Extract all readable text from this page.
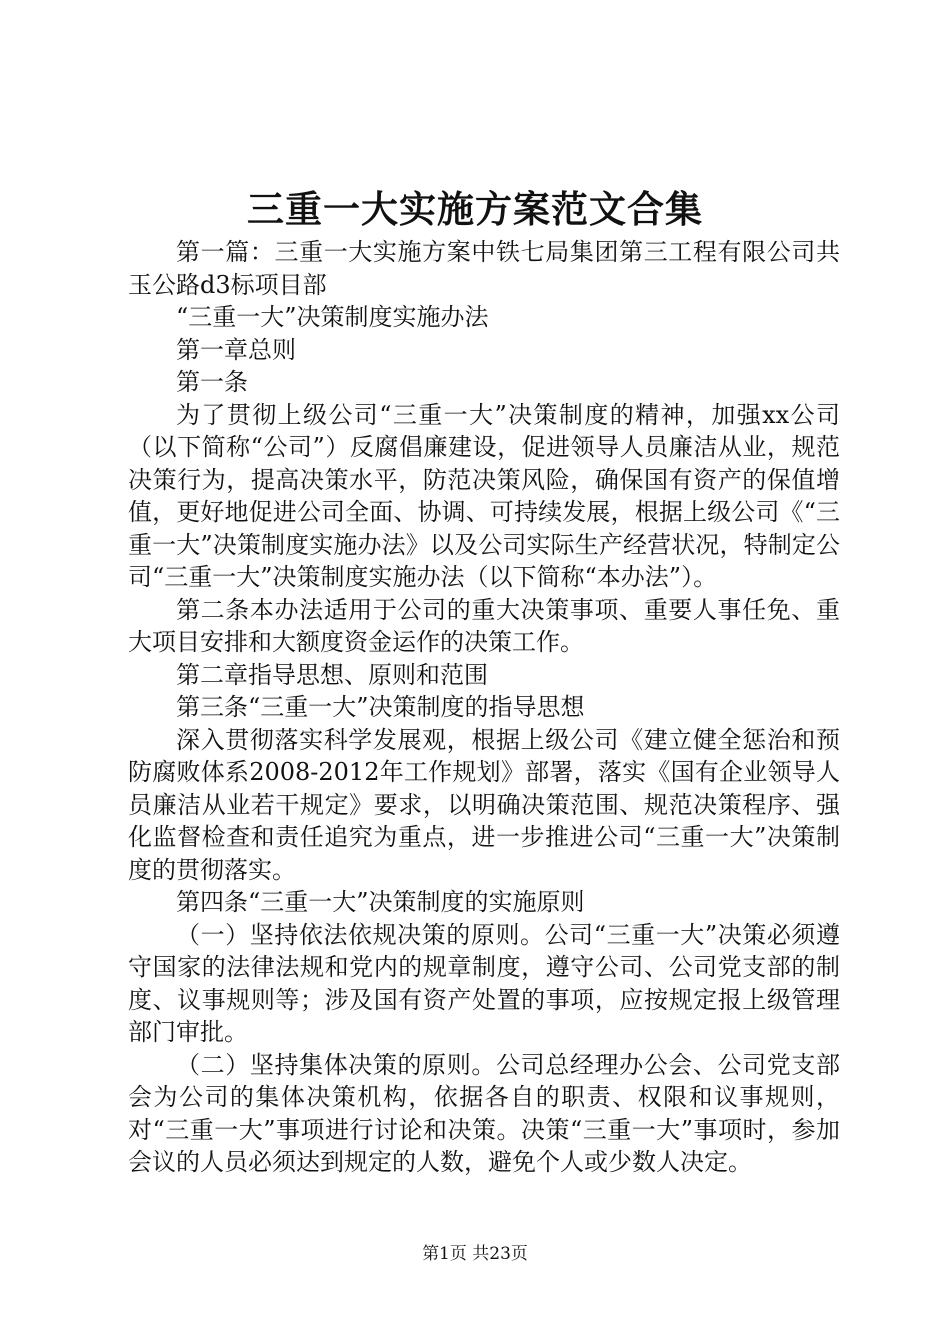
三重一大实施方案范文合集

第一篇：三重一大实施方案中铁七局集团第三工程有限公司共玉公路d3标项目部

“三重一大”决策制度实施办法

第一章总则

第一条

为了贯彻上级公司“三重一大”决策制度的精神，加强xx公司（以下简称“公司”）反腐倡廉建设，促进领导人员廉洁从业，规范决策行为，提高决策水平，防范决策风险，确保国有资产的保值增值，更好地促进公司全面、协调、可持续发展，根据上级公司《“三重一大”决策制度实施办法》以及公司实际生产经营状况，特制定公司“三重一大”决策制度实施办法（以下简称“本办法”）。

第二条本办法适用于公司的重大决策事项、重要人事任免、重大项目安排和大额度资金运作的决策工作。

第二章指导思想、原则和范围

第三条“三重一大”决策制度的指导思想

深入贯彻落实科学发展观，根据上级公司《建立健全惩治和预防腐败体系2008-2012年工作规划》部署，落实《国有企业领导人员廉洁从业若干规定》要求，以明确决策范围、规范决策程序、强化监督检查和责任追究为重点，进一步推进公司“三重一大”决策制度的贯彻落实。

第四条“三重一大”决策制度的实施原则

（一）坚持依法依规决策的原则。公司“三重一大”决策必须遵守国家的法律法规和党内的规章制度，遵守公司、公司党支部的制度、议事规则等；涉及国有资产处置的事项，应按规定报上级管理部门审批。

（二）坚持集体决策的原则。公司总经理办公会、公司党支部会为公司的集体决策机构，依据各自的职责、权限和议事规则，对“三重一大”事项进行讨论和决策。决策“三重一大”事项时，参加会议的人员必须达到规定的人数，避免个人或少数人决定。

第1页 共23页
